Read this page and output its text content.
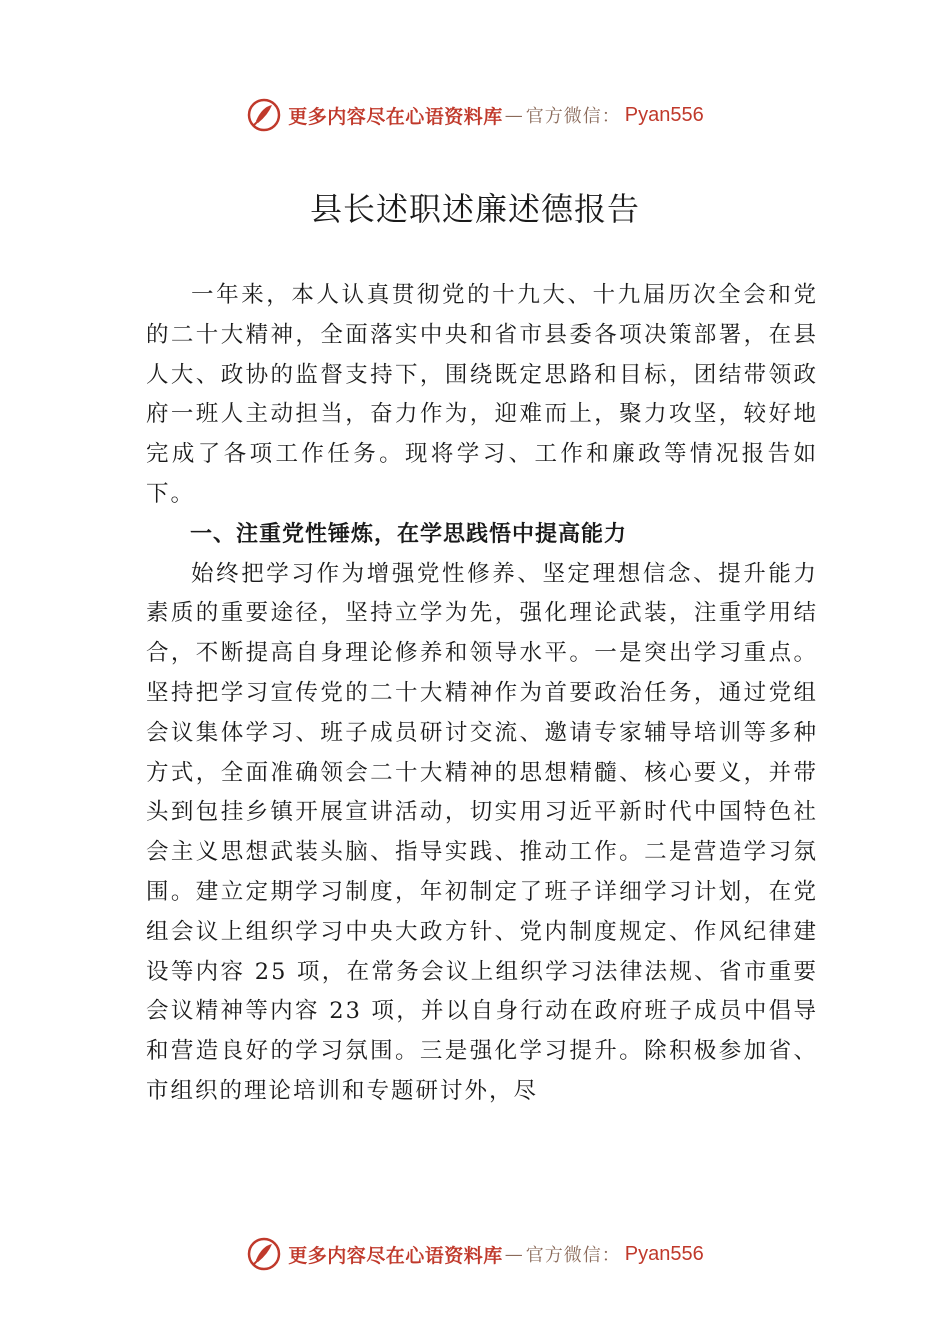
更多内容尽在心语资料库 — 官方微信： Pyan556
县长述职述廉述德报告

一年来，本人认真贯彻党的十九大、十九届历次全会和党的二十大精神，全面落实中央和省市县委各项决策部署，在县人大、政协的监督支持下，围绕既定思路和目标，团结带领政府一班人主动担当，奋力作为，迎难而上，聚力攻坚，较好地完成了各项工作任务。现将学习、工作和廉政等情况报告如下。

一、注重党性锤炼，在学思践悟中提高能力

始终把学习作为增强党性修养、坚定理想信念、提升能力素质的重要途径，坚持立学为先，强化理论武装，注重学用结合，不断提高自身理论修养和领导水平。一是突出学习重点。坚持把学习宣传党的二十大精神作为首要政治任务，通过党组会议集体学习、班子成员研讨交流、邀请专家辅导培训等多种方式，全面准确领会二十大精神的思想精髓、核心要义，并带头到包挂乡镇开展宣讲活动，切实用习近平新时代中国特色社会主义思想武装头脑、指导实践、推动工作。二是营造学习氛围。建立定期学习制度，年初制定了班子详细学习计划，在党组会议上组织学习中央大政方针、党内制度规定、作风纪律建设等内容 25 项，在常务会议上组织学习法律法规、省市重要会议精神等内容 23 项，并以自身行动在政府班子成员中倡导和营造良好的学习氛围。三是强化学习提升。除积极参加省、市组织的理论培训和专题研讨外，尽

更多内容尽在心语资料库 — 官方微信： Pyan556
